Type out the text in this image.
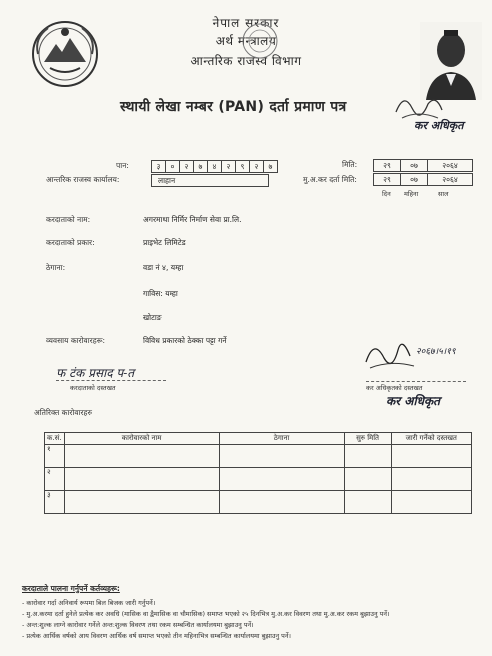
नेपाल सरकार
अर्थ मन्त्रालय
आन्तरिक राजस्व विभाग
स्थायी लेखा नम्बर (PAN) दर्ता प्रमाण पत्र
कर अधिकृत
पान:	३	०	२	७	४	२	९	२	७
आन्तरिक राजस्व कार्यालय:	लाहान
मिति:	२९	०७	२०६४
मु.अ.कर दर्ता मिति:	२९	०७	२०६४
दिन महिना	साल
करदाताको नाम:	अगरमाथा निर्मिर निर्माण सेवा प्रा.लि.
करदाताको प्रकार:	प्राइभेट लिमिटेड
ठेगाना:	वडा नं ४, यम्हा
गाविस: यम्हा
खोटाङ
व्यवसाय कारोवारहरू:	विविध प्रकारको ठेक्का पट्टा गर्ने
फ टंक प्रसाद प-त
करदाताको दस्तखत
२०६७।५।१९
कर अधिकृतको दस्तखत
कर अधिकृत
अतिरिक्त कारोवारहरु
क.सं.	कारोवारको नाम	ठेगाना	सुरु मिति	जारी गर्नेको दस्तखत
१				
२				
३				
करदाताले पालना गर्नुपर्ने कर्तव्यहरू:
- कारोवार गर्दा अनिवार्य रूपमा बिल बिजक जारी गर्नुपर्ने।
- मु.अ.करमा दर्ता हुनेले प्रत्येक कर अवधि (मासिक वा द्वैमासिक वा चौमासिक) समाप्त भएको २५ दिनभित्र मु.अ.कर विवरण तथा मु.अ.कर रकम बुझाउनु पर्ने।
- अन्त:शुल्क लाग्ने कारोवार गर्नेले अन्त:शुल्क विवरण तथा रकम सम्बन्धित कार्यालयमा बुझाउनु पर्ने।
- प्रत्येक आर्थिक वर्षको आय विवरण आर्थिक वर्ष समाप्त भएको तीन महिनाभित्र सम्बन्धित कार्यालयमा बुझाउनु पर्ने।
